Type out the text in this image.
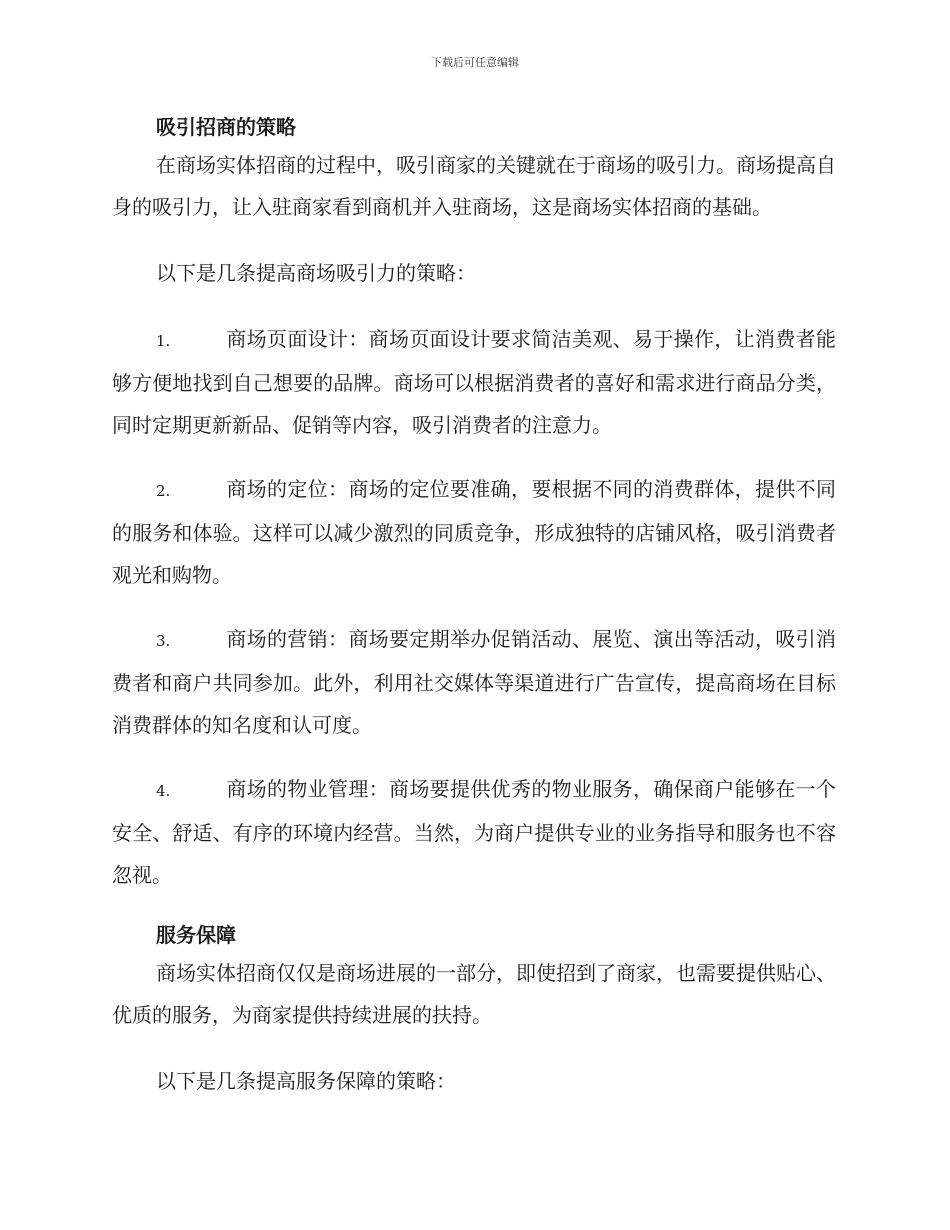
下载后可任意编辑
吸引招商的策略

在商场实体招商的过程中，吸引商家的关键就在于商场的吸引力。商场提高自身的吸引力，让入驻商家看到商机并入驻商场，这是商场实体招商的基础。

以下是几条提高商场吸引力的策略：

1.	商场页面设计：商场页面设计要求简洁美观、易于操作，让消费者能够方便地找到自己想要的品牌。商场可以根据消费者的喜好和需求进行商品分类，同时定期更新新品、促销等内容，吸引消费者的注意力。
2.	商场的定位：商场的定位要准确，要根据不同的消费群体，提供不同的服务和体验。这样可以减少激烈的同质竞争，形成独特的店铺风格，吸引消费者观光和购物。
3.	商场的营销：商场要定期举办促销活动、展览、演出等活动，吸引消费者和商户共同参加。此外，利用社交媒体等渠道进行广告宣传，提高商场在目标消费群体的知名度和认可度。
4.	商场的物业管理：商场要提供优秀的物业服务，确保商户能够在一个安全、舒适、有序的环境内经营。当然，为商户提供专业的业务指导和服务也不容忽视。
服务保障

商场实体招商仅仅是商场进展的一部分，即使招到了商家，也需要提供贴心、优质的服务，为商家提供持续进展的扶持。

以下是几条提高服务保障的策略：
